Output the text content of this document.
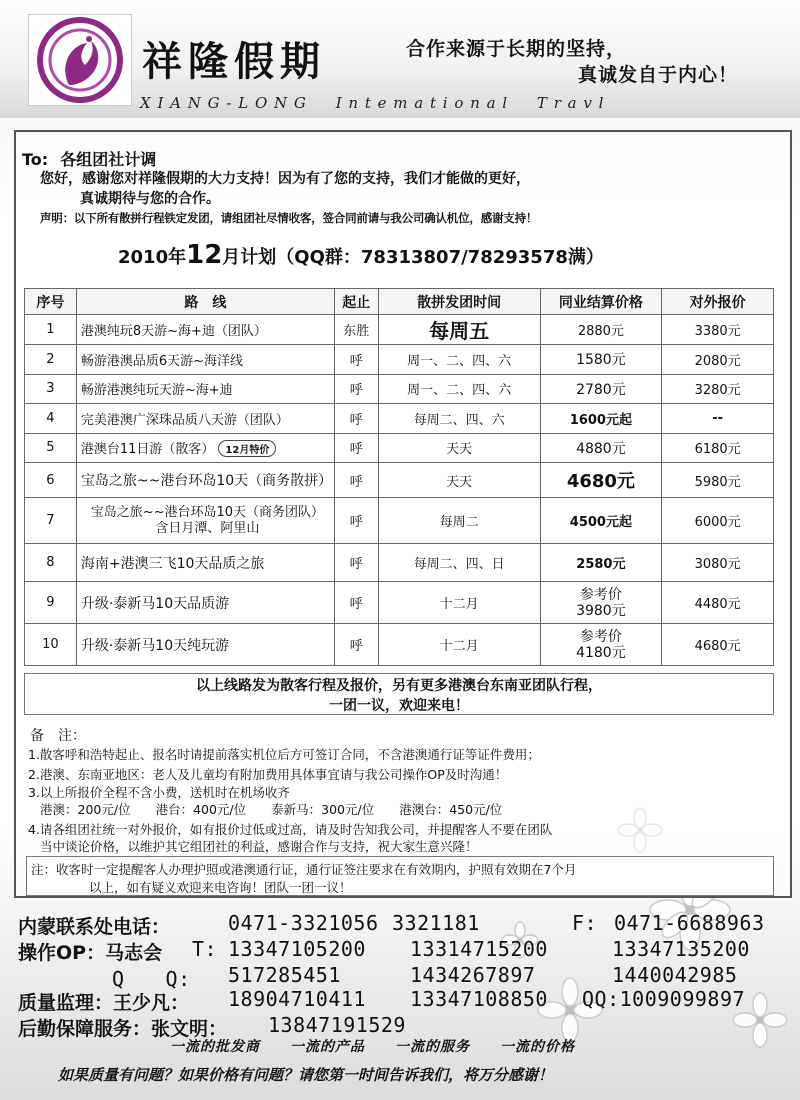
祥隆假期	合作来源于长期的坚持，
真诚发自于内心！
X I A N G - L O N G     I n t e m a t i o n a l     T r a v l
To: 各组团社计调
您好，感谢您对祥隆假期的大力支持！因为有了您的支持，我们才能做的更好，
真诚期待与您的合作。
声明：以下所有散拼行程铁定发团，请组团社尽情收客，签合同前请与我公司确认机位，感谢支持！
2010年12月计划（QQ群：78313807/78293578满）
序号	路　线	起止	散拼发团时间	同业结算价格	对外报价
1	港澳纯玩8天游~海+迪（团队）	东胜	每周五	2880元	3380元
2	畅游港澳品质6天游~海洋线	呼	周一、二、四、六	1580元	2080元
3	畅游港澳纯玩天游~海+迪	呼	周一、二、四、六	2780元	3280元
4	完美港澳广深珠品质八天游（团队）	呼	每周二、四、六	1600元起	--
5	港澳台11日游（散客） 12月特价	呼	天天	4880元	6180元
6	宝岛之旅~~港台环岛10天（商务散拼）	呼	天天	4680元	5980元
7	宝岛之旅~~港台环岛10天（商务团队）
含日月潭、阿里山	呼	每周二	4500元起	6000元
8	海南+港澳三飞10天品质之旅	呼	每周二、四、日	2580元	3080元
9	升级·泰新马10天品质游	呼	十二月	参考价
3980元	4480元
10	升级·泰新马10天纯玩游	呼	十二月	参考价
4180元	4680元
以上线路发为散客行程及报价，另有更多港澳台东南亚团队行程，
一团一议，欢迎来电！
备　注：
1.散客呼和浩特起止、报名时请提前落实机位后方可签订合同，不含港澳通行证等证件费用；
2.港澳、东南亚地区：老人及儿童均有附加费用具体事宜请与我公司操作OP及时沟通！
3.以上所报价全程不含小费，送机时在机场收齐
港澳：200元/位　　港台：400元/位　　泰新马：300元/位　　港澳台：450元/位
4.请各组团社统一对外报价，如有报价过低或过高，请及时告知我公司，并提醒客人不要在团队
当中谈论价格，以维护其它组团社的利益，感谢合作与支持，祝大家生意兴隆！
注：收客时一定提醒客人办理护照或港澳通行证，通行证签注要求在有效期内，护照有效期在7个月
以上，如有疑义欢迎来电咨询！团队一团一议！
内蒙联系处电话：	0471-3321056 3321181	F: 0471-6688963
操作OP：马志会 T: 13347105200 13314715200	13347135200
Q　　Q: 517285451	1434267897	1440042985
质量监理：王少凡： 18904710411 13347108850 QQ:1009099897
后勤保障服务：张文明： 13847191529
一流的批发商　　一流的产品　　一流的服务　　一流的价格
如果质量有问题？如果价格有问题？请您第一时间告诉我们，将万分感谢！
